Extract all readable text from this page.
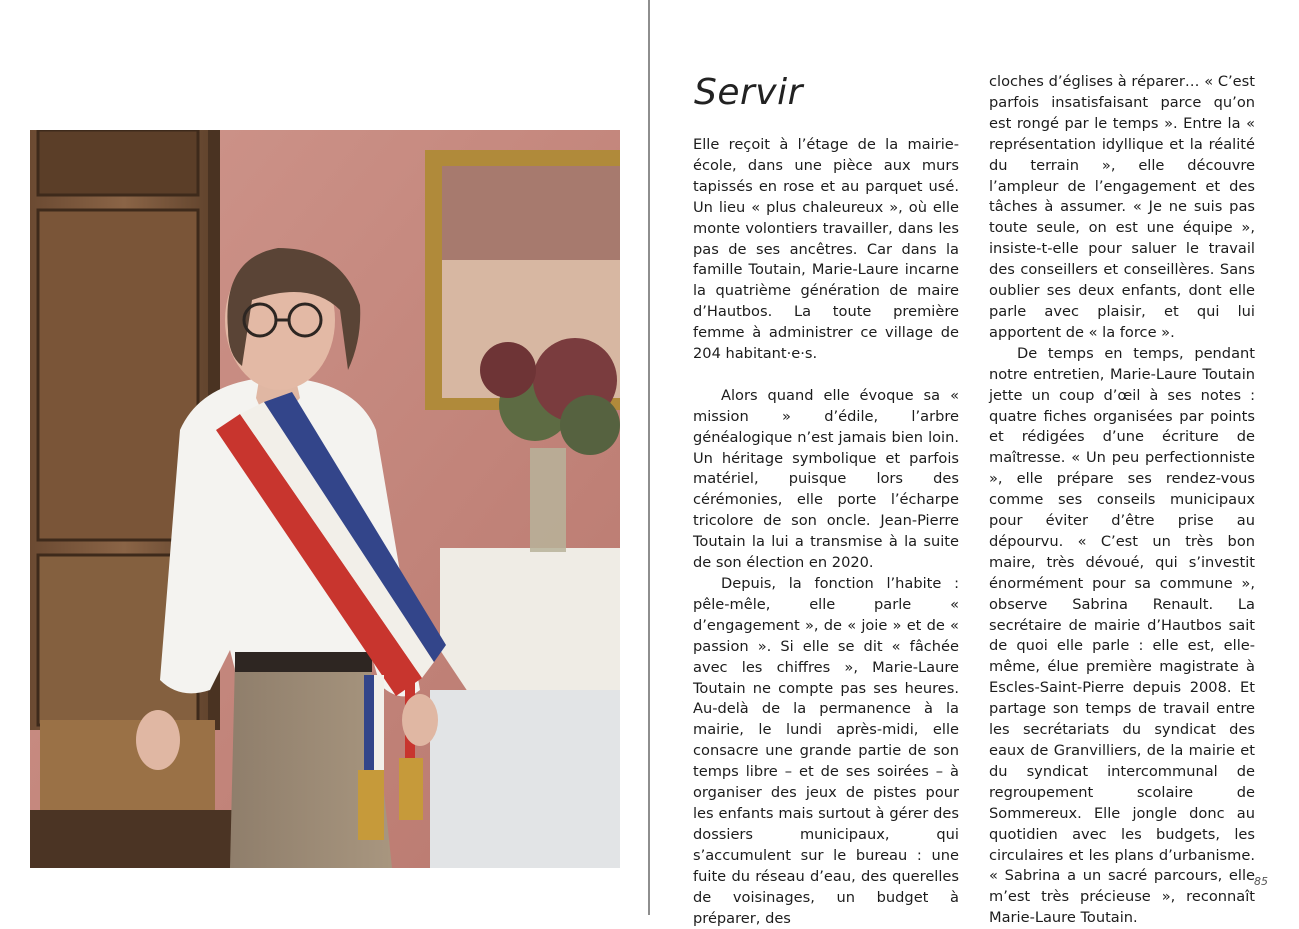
Servir

Elle reçoit à l’étage de la mairie-école, dans une pièce aux murs tapissés en rose et au parquet usé. Un lieu « plus chaleureux », où elle monte volontiers travailler, dans les pas de ses ancêtres. Car dans la famille Toutain, Marie-Laure incarne la quatrième génération de maire d’Hautbos. La toute première femme à administrer ce village de 204 habitant·e·s.

Alors quand elle évoque sa « mission » d’édile, l’arbre généalogique n’est jamais bien loin. Un héritage symbolique et parfois matériel, puisque lors des cérémonies, elle porte l’écharpe tricolore de son oncle. Jean-Pierre Toutain la lui a transmise à la suite de son élection en 2020.

Depuis, la fonction l’habite : pêle-mêle, elle parle « d’engagement », de « joie » et de « passion ». Si elle se dit « fâchée avec les chiffres », Marie-Laure Toutain ne compte pas ses heures. Au-delà de la permanence à la mairie, le lundi après-midi, elle consacre une grande partie de son temps libre – et de ses soirées – à organiser des jeux de pistes pour les enfants mais surtout à gérer des dossiers municipaux, qui s’accumulent sur le bureau : une fuite du réseau d’eau, des querelles de voisinages, un budget à préparer, des

cloches d’églises à réparer… « C’est parfois insatisfaisant parce qu’on est rongé par le temps ». Entre la « représentation idyllique et la réalité du terrain », elle découvre l’ampleur de l’engagement et des tâches à assumer. « Je ne suis pas toute seule, on est une équipe », insiste-t-elle pour saluer le travail des conseillers et conseillères. Sans oublier ses deux enfants, dont elle parle avec plaisir, et qui lui apportent de « la force ».

De temps en temps, pendant notre entretien, Marie-Laure Toutain jette un coup d’œil à ses notes : quatre fiches organisées par points et rédigées d’une écriture de maîtresse. « Un peu perfectionniste », elle prépare ses rendez-vous comme ses conseils municipaux pour éviter d’être prise au dépourvu. « C’est un très bon maire, très dévoué, qui s’investit énormément pour sa commune », observe Sabrina Renault. La secrétaire de mairie d’Hautbos sait de quoi elle parle : elle est, elle-même, élue première magistrate à Escles-Saint-Pierre depuis 2008. Et partage son temps de travail entre les secrétariats du syndicat des eaux de Granvilliers, de la mairie et du syndicat intercommunal de regroupement scolaire de Sommereux. Elle jongle donc au quotidien avec les budgets, les circulaires et les plans d’urbanisme. « Sabrina a un sacré parcours, elle m’est très précieuse », reconnaît Marie-Laure Toutain.

85
